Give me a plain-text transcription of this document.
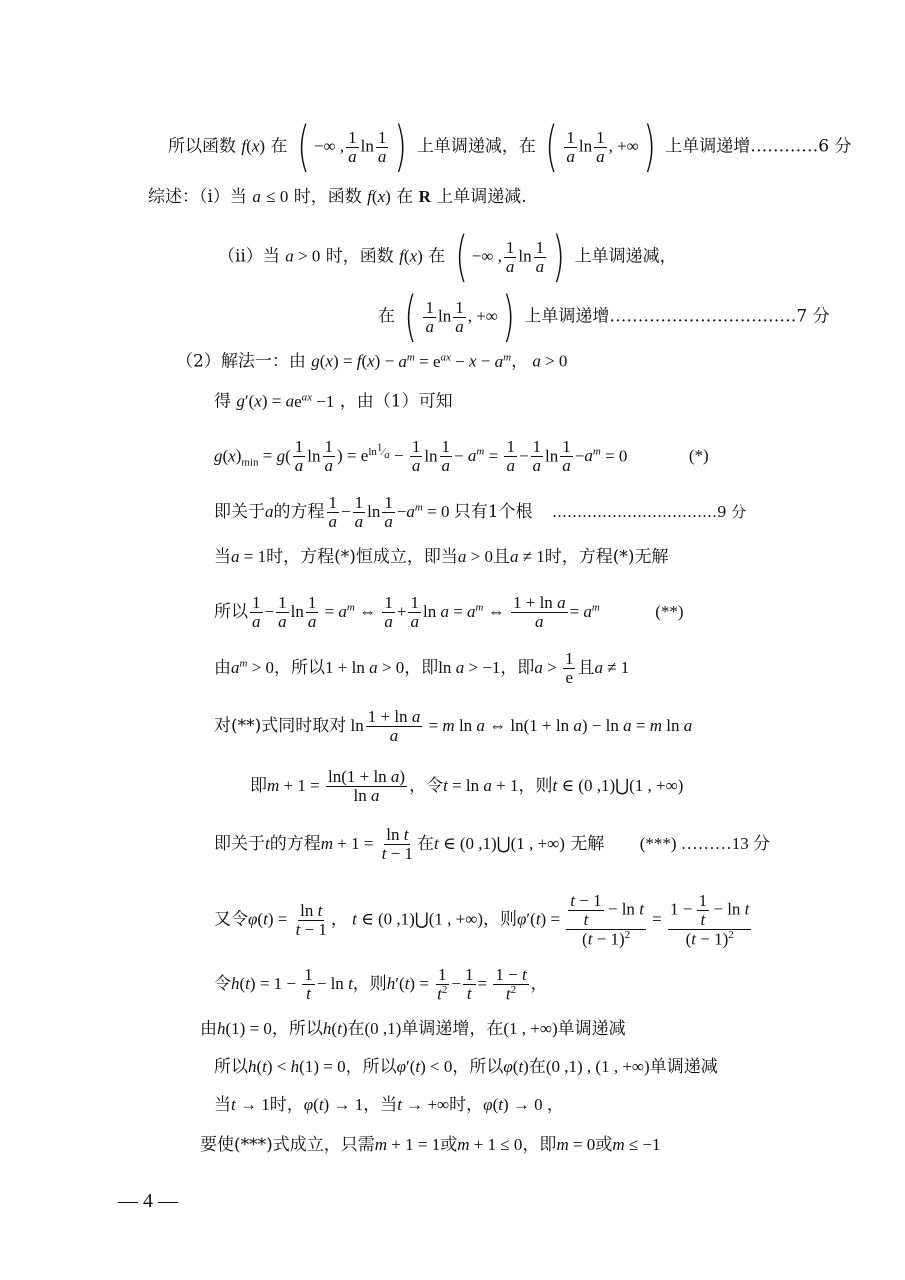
所以函数 f(x) 在 ( −∞ , $\frac{1}{a}$ $\ln \frac{1}{a}$ ) 上单调递减，在 ( $\frac{1}{a}$ $\ln \frac{1}{a}$ , +∞) 上单调递增…………6 分
综述：（i）当 a ≤ 0 时，函数 f(x) 在 R 上单调递减.
（ii）当 a > 0 时，函数 f(x) 在 ( −∞ , $\frac{1}{a}$ $\ln \frac{1}{a}$ ) 上单调递减，
在 ( $\frac{1}{a}$ $\ln \frac{1}{a}$ , +∞) 上单调递增……………………………7 分
（2）解法一：由 $g(x) = f(x) - a^m = e^{ax} - x - a^m$， a > 0
得 $g'(x) = ae^{ax} -1$ ，由（1）可知
$g(x)_{min} = g( \frac{1}{a}$ $\ln \frac{1}{a}$ ) = $e^{ln^1⁄_a} - \frac{1}{a}$ $\ln \frac{1}{a} - a^m = \frac{1}{a} - \frac{1}{a}$ $\ln \frac{1}{a} -a^m = 0$	(*)
即关于a的方程 $\frac{1}{a} - \frac{1}{a}$ $\ln \frac{1}{a} -a^m = 0$ 只有1个根 ……………………………9 分
当a = 1时，方程(*)恒成立，即当a > 0且a ≠ 1时，方程(*)无解
所以 $\frac{1}{a} - \frac{1}{a}$ $\ln \frac{1}{a} = a^m$ ⇔ $\frac{1}{a} + \frac{1}{a}$ $\ln a = a^m$ ⇔ $\frac{\text{1 + ln a}}{a} = a^m$	(**)
由$a^m > 0$，所以1 + ln a > 0，即ln a > −1，即$a > \frac{1}{e}$ 且a ≠ 1
对(**)式同时取对 $\ln \frac{\text{1 + ln a}}{a} = m$ ln a ⇔ ln(1 + ln a) − ln a = m ln a
即$m + 1 = \frac{\text{ln(1 + ln a)}}{\text{ln a}}$ ，令t = ln a + 1，则t ∈ (0 ,1)⋃(1 , +∞)
即关于t的方程$m + 1 = \frac{\text{ln t}}{t - 1}$ 在t ∈ (0 ,1)⋃(1 , +∞) 无解 (***) ………13 分
又令$\varphi(t) = \frac{\text{ln t}}{t - 1}$ ， t ∈ (0 ,1)⋃(1 , +∞)，则$\varphi'(t) = \frac{\frac{t - 1}{t} - \ln t}{(t - 1)^2} = \frac{1 - \frac{1}{t} - \ln t}{(t - 1)^2}$
令$h(t) = 1 - \frac{1}{t} - \ln t$，则$h'(t) = \frac{1}{t^2} - \frac{1}{t} = \frac{1 - t}{t^2}$ ，
由h(1) = 0，所以h(t)在(0 ,1)单调递增，在(1 , +∞)单调递减
所以h(t) < h(1) = 0，所以φ′(t) < 0，所以φ(t)在(0 ,1) , (1 , +∞)单调递减
当t → 1时，φ(t) → 1，当t → +∞时，φ(t) → 0 ，
要使(***)式成立，只需m + 1 = 1或m + 1 ≤ 0，即m = 0或m ≤ −1
— 4 —
